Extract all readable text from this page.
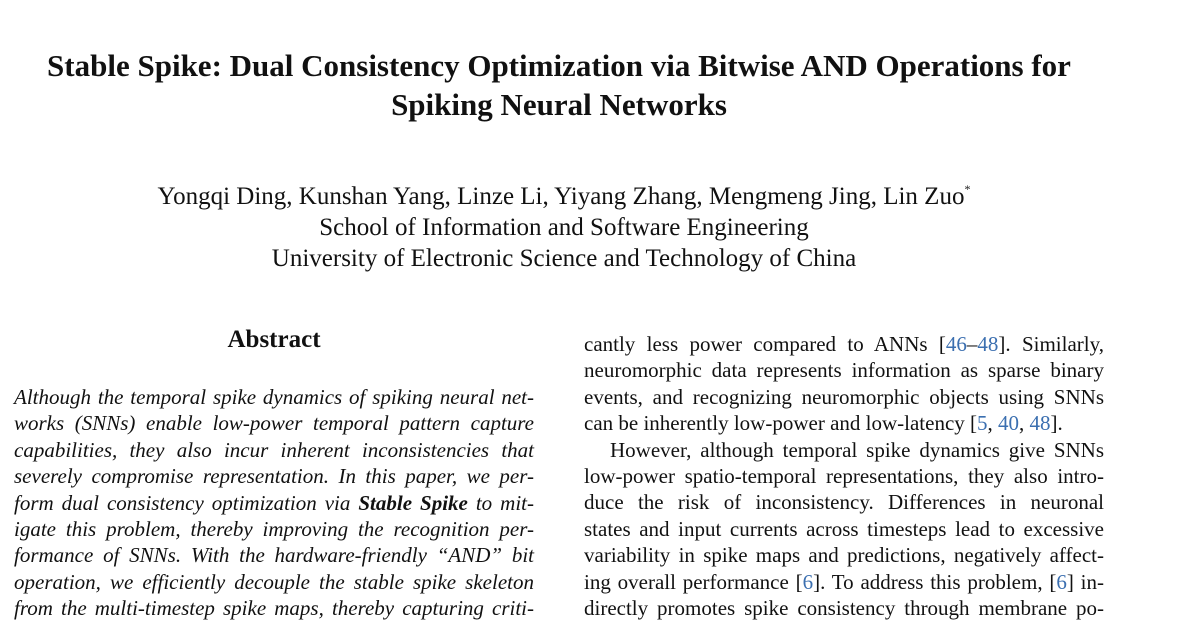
Stable Spike: Dual Consistency Optimization via Bitwise AND Operations for
Spiking Neural Networks
Yongqi Ding, Kunshan Yang, Linze Li, Yiyang Zhang, Mengmeng Jing, Lin Zuo*
School of Information and Software Engineering
University of Electronic Science and Technology of China
Abstract
Although the temporal spike dynamics of spiking neural net-
works (SNNs) enable low-power temporal pattern capture
capabilities, they also incur inherent inconsistencies that
severely compromise representation. In this paper, we per-
form dual consistency optimization via Stable Spike to mit-
igate this problem, thereby improving the recognition per-
formance of SNNs. With the hardware-friendly “AND” bit
operation, we efficiently decouple the stable spike skeleton
from the multi-timestep spike maps, thereby capturing criti-
cantly less power compared to ANNs [46–48]. Similarly,
neuromorphic data represents information as sparse binary
events, and recognizing neuromorphic objects using SNNs
can be inherently low-power and low-latency [5, 40, 48].
However, although temporal spike dynamics give SNNs
low-power spatio-temporal representations, they also intro-
duce the risk of inconsistency. Differences in neuronal
states and input currents across timesteps lead to excessive
variability in spike maps and predictions, negatively affect-
ing overall performance [6]. To address this problem, [6] in-
directly promotes spike consistency through membrane po-
